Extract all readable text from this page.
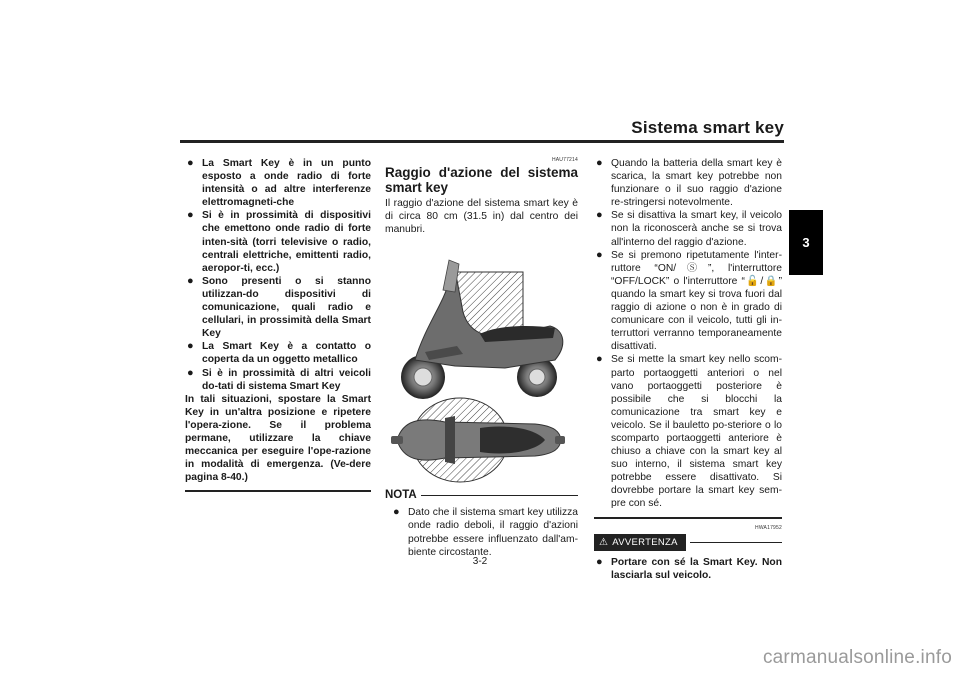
Sistema smart key
3
● La Smart Key è in un punto esposto a onde radio di forte intensità o ad altre interferenze elettromagneti-che
● Si è in prossimità di dispositivi che emettono onde radio di forte inten-sità (torri televisive o radio, centrali elettriche, emittenti radio, aeropor-ti, ecc.)
● Sono presenti o si stanno utilizzan-do dispositivi di comunicazione, quali radio e cellulari, in prossimità della Smart Key
● La Smart Key è a contatto o coperta da un oggetto metallico
● Si è in prossimità di altri veicoli do-tati di sistema Smart Key
In tali situazioni, spostare la Smart Key in un'altra posizione e ripetere l'opera-zione. Se il problema permane, utilizzare la chiave meccanica per eseguire l'ope-razione in modalità di emergenza. (Ve-dere pagina 8-40.)
HAU77214
Raggio d'azione del sistema smart key
Il raggio d'azione del sistema smart key è di circa 80 cm (31.5 in) dal centro dei manubri.
NOTA
● Dato che il sistema smart key utilizza onde radio deboli, il raggio d'azioni potrebbe essere influenzato dall'am-biente circostante.
● Quando la batteria della smart key è scarica, la smart key potrebbe non funzionare o il suo raggio d'azione re-stringersi notevolmente.
● Se si disattiva la smart key, il veicolo non la riconoscerà anche se si trova all'interno del raggio d'azione.
● Se si premono ripetutamente l'inter-ruttore “ON/Ⓢ”, l'interruttore “OFF/LOCK” o l'interruttore “🔓/🔒” quando la smart key si trova fuori dal raggio di azione o non è in grado di comunicare con il veicolo, tutti gli in-terruttori verranno temporaneamente disattivati.
● Se si mette la smart key nello scom-parto portaoggetti anteriori o nel vano portaoggetti posteriore è possibile che si blocchi la comunicazione tra smart key e veicolo. Se il bauletto po-steriore o lo scomparto portaoggetti anteriore è chiuso a chiave con la smart key al suo interno, il sistema smart key potrebbe essere disattivato. Si dovrebbe portare la smart key sem-pre con sé.
HWA17952
⚠ AVVERTENZA
● Portare con sé la Smart Key. Non lasciarla sul veicolo.
3-2
carmanualsonline.info
